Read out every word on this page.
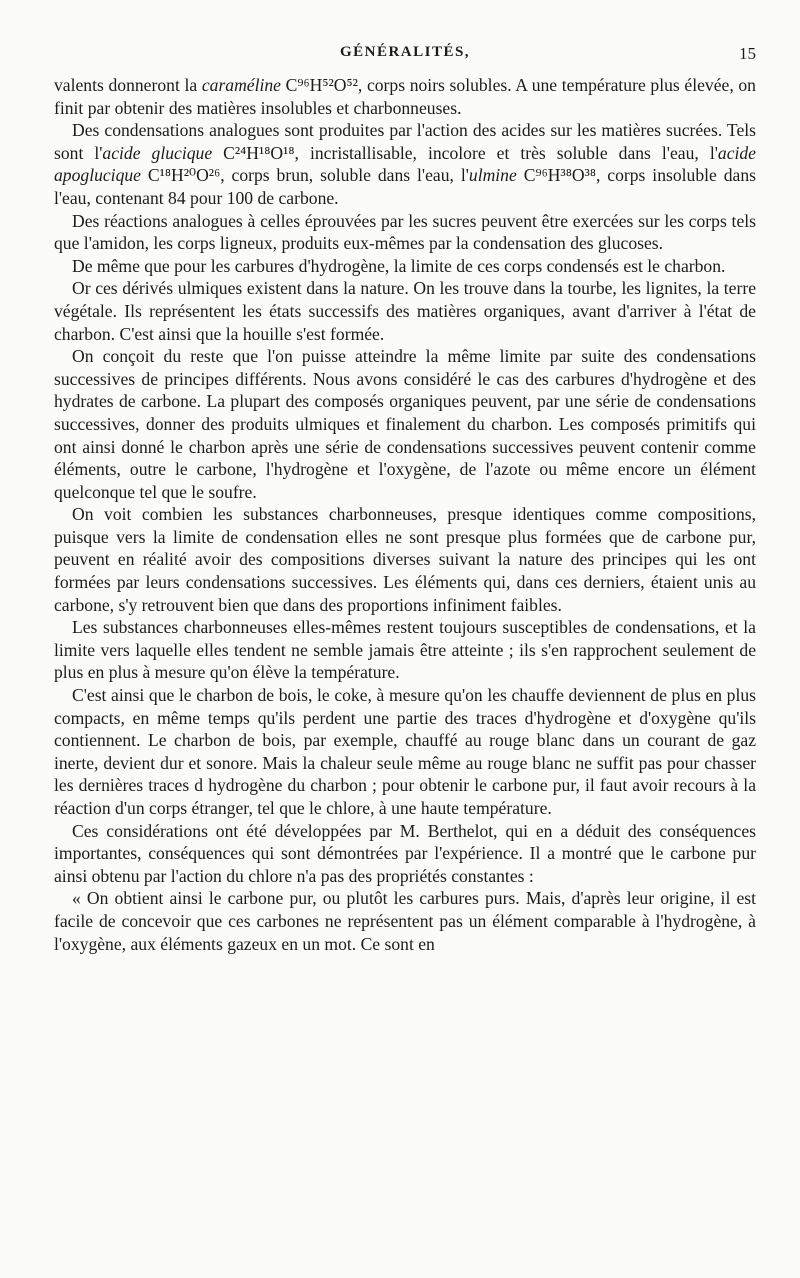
GÉNÉRALITÉS,	15

valents donneront la caraméline C⁹⁶H⁵²O⁵², corps noirs solubles. A une température plus élevée, on finit par obtenir des matières insolubles et charbonneuses.

Des condensations analogues sont produites par l'action des acides sur les matières sucrées. Tels sont l'acide glucique C²⁴H¹⁸O¹⁸, incristallisable, incolore et très soluble dans l'eau, l'acide apoglucique C¹⁸H²⁰O²⁶, corps brun, soluble dans l'eau, l'ulmine C⁹⁶H³⁸O³⁸, corps insoluble dans l'eau, contenant 84 pour 100 de carbone.

Des réactions analogues à celles éprouvées par les sucres peuvent être exercées sur les corps tels que l'amidon, les corps ligneux, produits eux-mêmes par la condensation des glucoses.

De même que pour les carbures d'hydrogène, la limite de ces corps condensés est le charbon.

Or ces dérivés ulmiques existent dans la nature. On les trouve dans la tourbe, les lignites, la terre végétale. Ils représentent les états successifs des matières organiques, avant d'arriver à l'état de charbon. C'est ainsi que la houille s'est formée.

On conçoit du reste que l'on puisse atteindre la même limite par suite des condensations successives de principes différents. Nous avons considéré le cas des carbures d'hydrogène et des hydrates de carbone. La plupart des composés organiques peuvent, par une série de condensations successives, donner des produits ulmiques et finalement du charbon. Les composés primitifs qui ont ainsi donné le charbon après une série de condensations successives peuvent contenir comme éléments, outre le carbone, l'hydrogène et l'oxygène, de l'azote ou même encore un élément quelconque tel que le soufre.

On voit combien les substances charbonneuses, presque identiques comme compositions, puisque vers la limite de condensation elles ne sont presque plus formées que de carbone pur, peuvent en réalité avoir des compositions diverses suivant la nature des principes qui les ont formées par leurs condensations successives. Les éléments qui, dans ces derniers, étaient unis au carbone, s'y retrouvent bien que dans des proportions infiniment faibles.

Les substances charbonneuses elles-mêmes restent toujours susceptibles de condensations, et la limite vers laquelle elles tendent ne semble jamais être atteinte ; ils s'en rapprochent seulement de plus en plus à mesure qu'on élève la température.

C'est ainsi que le charbon de bois, le coke, à mesure qu'on les chauffe deviennent de plus en plus compacts, en même temps qu'ils perdent une partie des traces d'hydrogène et d'oxygène qu'ils contiennent. Le charbon de bois, par exemple, chauffé au rouge blanc dans un courant de gaz inerte, devient dur et sonore. Mais la chaleur seule même au rouge blanc ne suffit pas pour chasser les dernières traces d hydrogène du charbon ; pour obtenir le carbone pur, il faut avoir recours à la réaction d'un corps étranger, tel que le chlore, à une haute température.

Ces considérations ont été développées par M. Berthelot, qui en a déduit des conséquences importantes, conséquences qui sont démontrées par l'expérience. Il a montré que le carbone pur ainsi obtenu par l'action du chlore n'a pas des propriétés constantes :

« On obtient ainsi le carbone pur, ou plutôt les carbures purs. Mais, d'après leur origine, il est facile de concevoir que ces carbones ne représentent pas un élément comparable à l'hydrogène, à l'oxygène, aux éléments gazeux en un mot. Ce sont en
